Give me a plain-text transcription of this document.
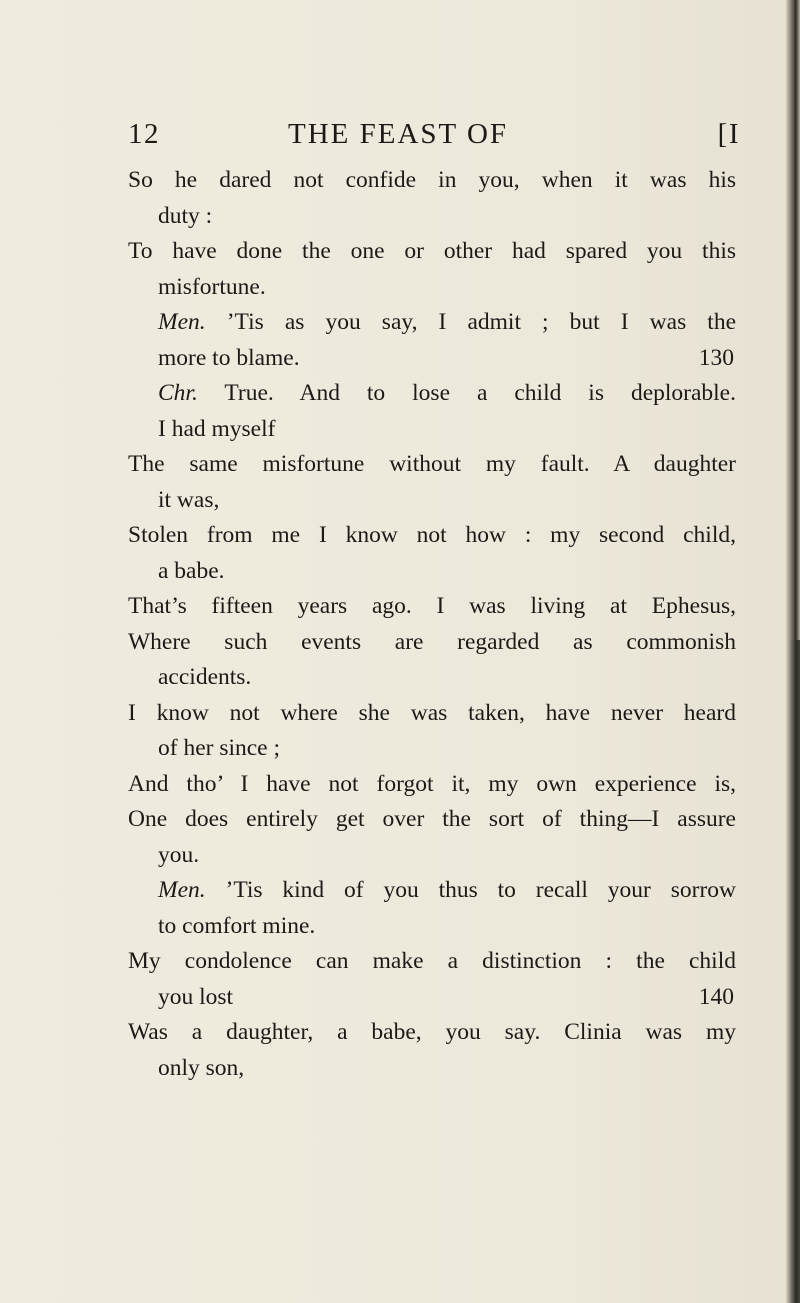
12	THE FEAST OF	[I
So he dared not confide in you, when it was his
duty :
To have done the one or other had spared you this
misfortune.
Men. ’Tis as you say, I admit ; but I was the
more to blame.	130
Chr. True. And to lose a child is deplorable.
I had myself
The same misfortune without my fault. A daughter
it was,
Stolen from me I know not how : my second child,
a babe.
That’s fifteen years ago. I was living at Ephesus,
Where such events are regarded as commonish
accidents.
I know not where she was taken, have never heard
of her since ;
And tho’ I have not forgot it, my own experience is,
One does entirely get over the sort of thing—I assure
you.
Men. ’Tis kind of you thus to recall your sorrow
to comfort mine.
My condolence can make a distinction : the child
you lost	140
Was a daughter, a babe, you say. Clinia was my
only son,
